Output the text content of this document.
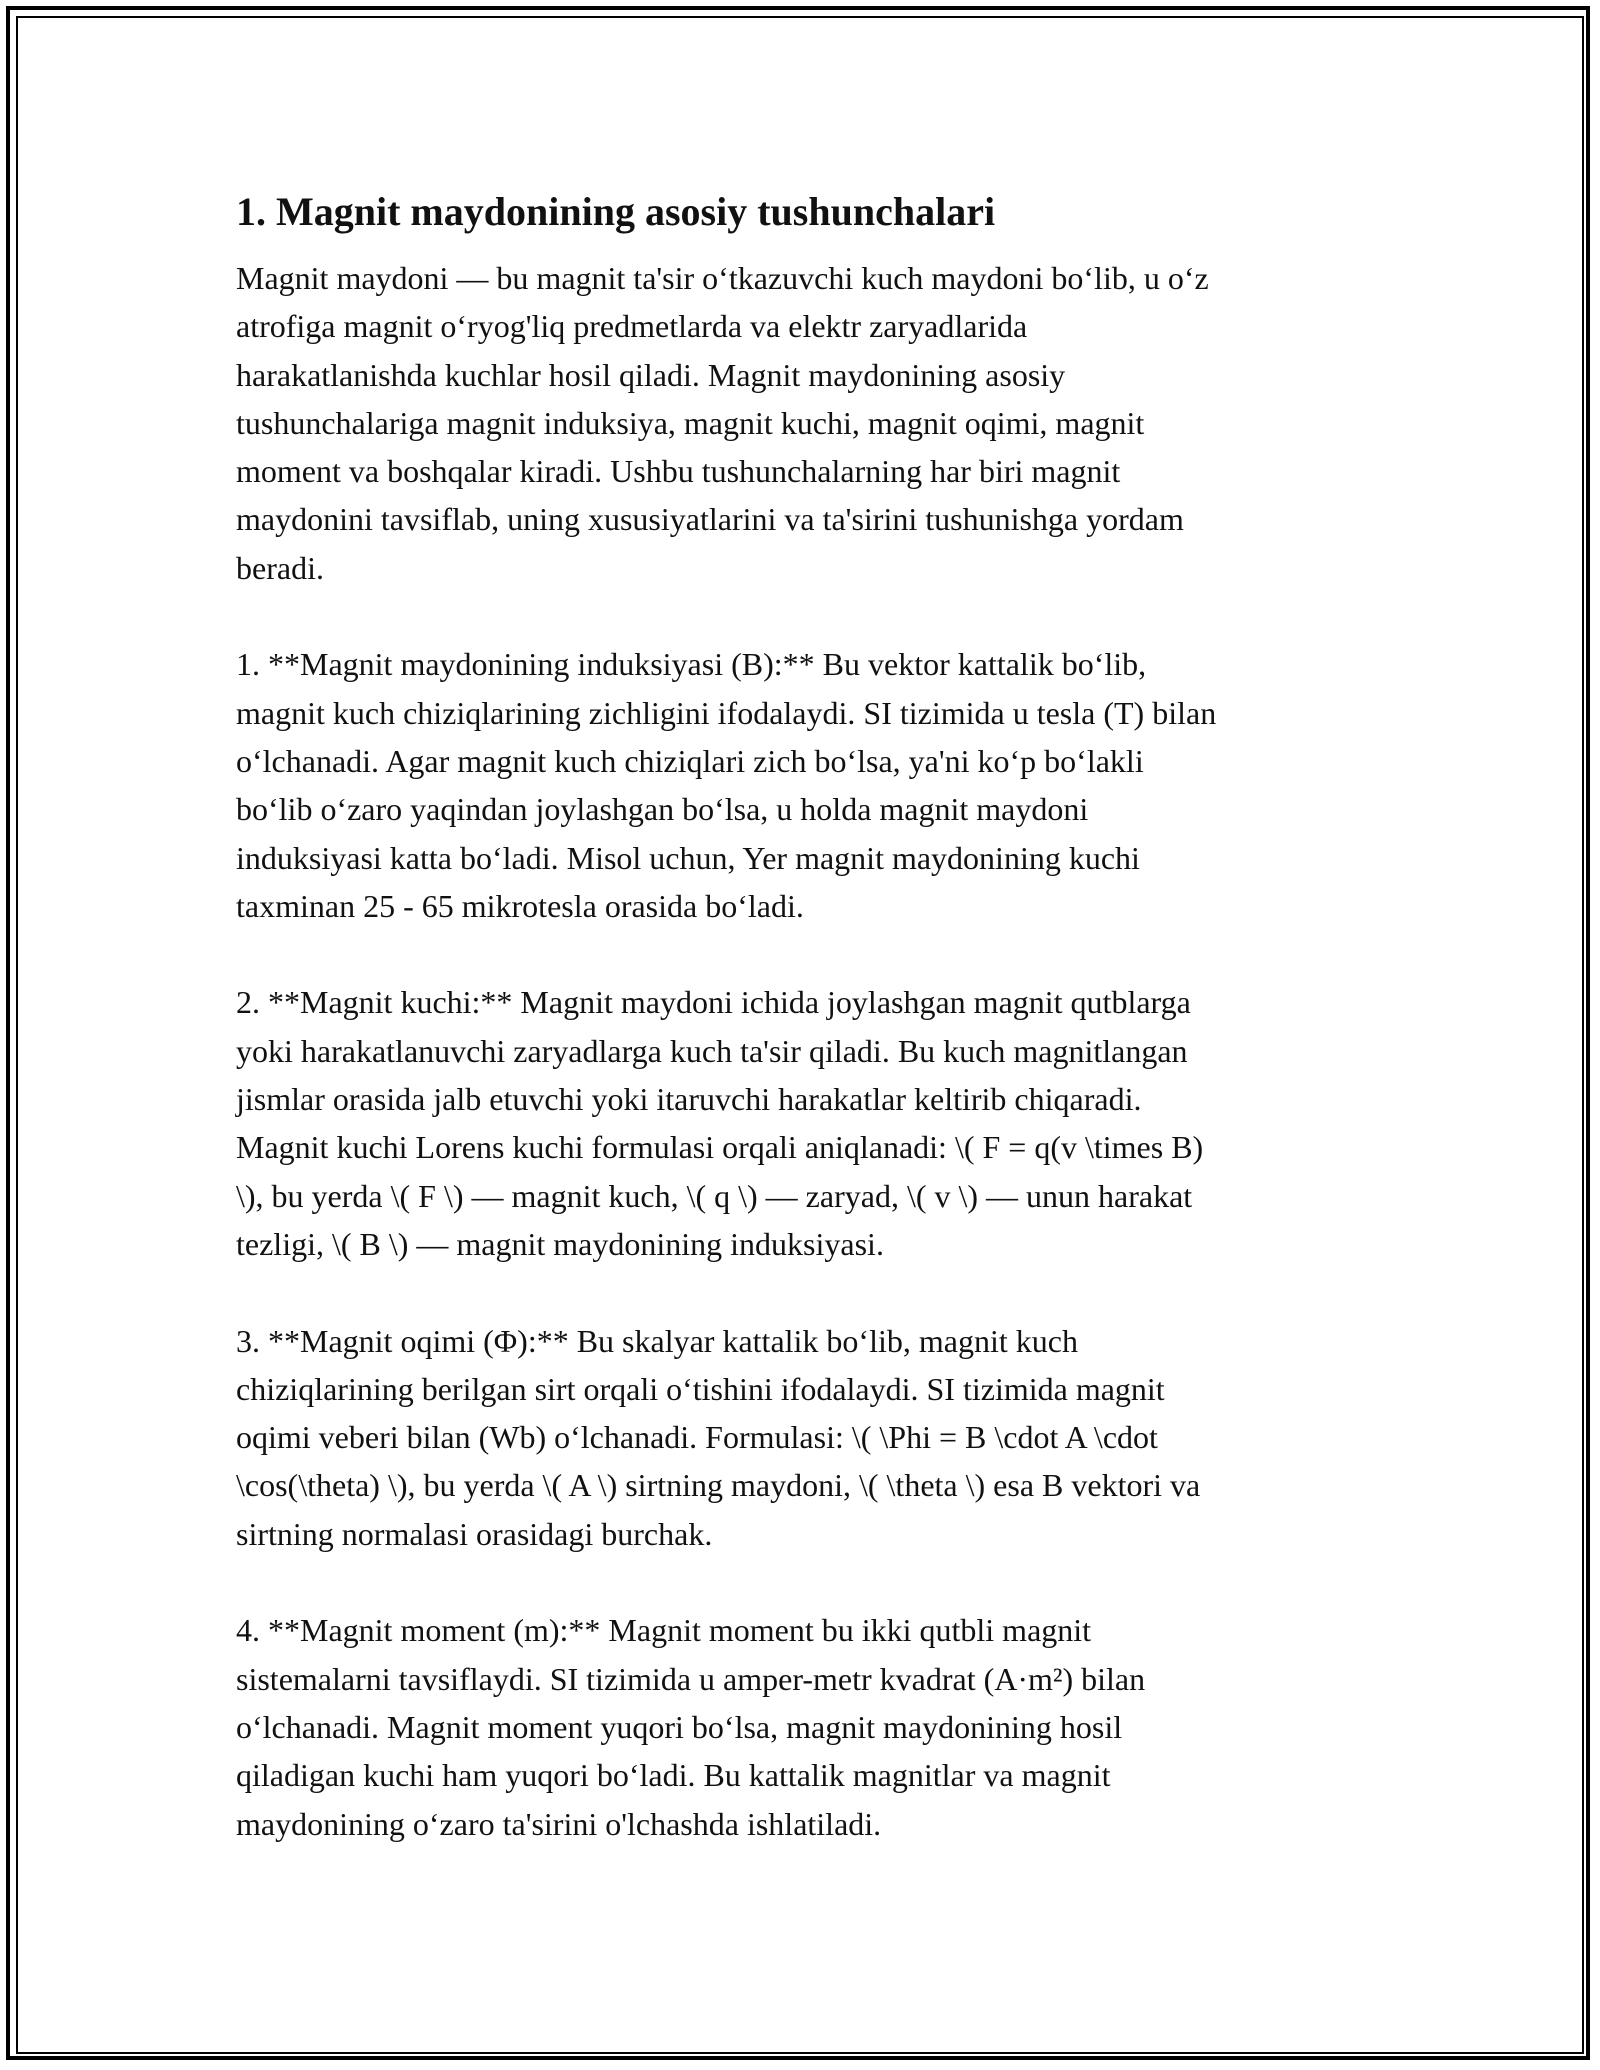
1. Magnit maydonining asosiy tushunchalari

Magnit maydoni — bu magnit ta'sir o‘tkazuvchi kuch maydoni bo‘lib, u o‘z
atrofiga magnit o‘ryog'liq predmetlarda va elektr zaryadlarida
harakatlanishda kuchlar hosil qiladi. Magnit maydonining asosiy
tushunchalariga magnit induksiya, magnit kuchi, magnit oqimi, magnit
moment va boshqalar kiradi. Ushbu tushunchalarning har biri magnit
maydonini tavsiflab, uning xususiyatlarini va ta'sirini tushunishga yordam
beradi.

1. **Magnit maydonining induksiyasi (B):** Bu vektor kattalik bo‘lib,
magnit kuch chiziqlarining zichligini ifodalaydi. SI tizimida u tesla (T) bilan
o‘lchanadi. Agar magnit kuch chiziqlari zich bo‘lsa, ya'ni ko‘p bo‘lakli
bo‘lib o‘zaro yaqindan joylashgan bo‘lsa, u holda magnit maydoni
induksiyasi katta bo‘ladi. Misol uchun, Yer magnit maydonining kuchi
taxminan 25 - 65 mikrotesla orasida bo‘ladi.

2. **Magnit kuchi:** Magnit maydoni ichida joylashgan magnit qutblarga
yoki harakatlanuvchi zaryadlarga kuch ta'sir qiladi. Bu kuch magnitlangan
jismlar orasida jalb etuvchi yoki itaruvchi harakatlar keltirib chiqaradi.
Magnit kuchi Lorens kuchi formulasi orqali aniqlanadi: \( F = q(v \times B)
\), bu yerda \( F \) — magnit kuch, \( q \) — zaryad, \( v \) — unun harakat
tezligi, \( B \) — magnit maydonining induksiyasi.

3. **Magnit oqimi (Φ):** Bu skalyar kattalik bo‘lib, magnit kuch
chiziqlarining berilgan sirt orqali o‘tishini ifodalaydi. SI tizimida magnit
oqimi veberi bilan (Wb) o‘lchanadi. Formulasi: \( \Phi = B \cdot A \cdot
\cos(\theta) \), bu yerda \( A \) sirtning maydoni, \( \theta \) esa B vektori va
sirtning normalasi orasidagi burchak.

4. **Magnit moment (m):** Magnit moment bu ikki qutbli magnit
sistemalarni tavsiflaydi. SI tizimida u amper-metr kvadrat (A·m²) bilan
o‘lchanadi. Magnit moment yuqori bo‘lsa, magnit maydonining hosil
qiladigan kuchi ham yuqori bo‘ladi. Bu kattalik magnitlar va magnit
maydonining o‘zaro ta'sirini o'lchashda ishlatiladi.
